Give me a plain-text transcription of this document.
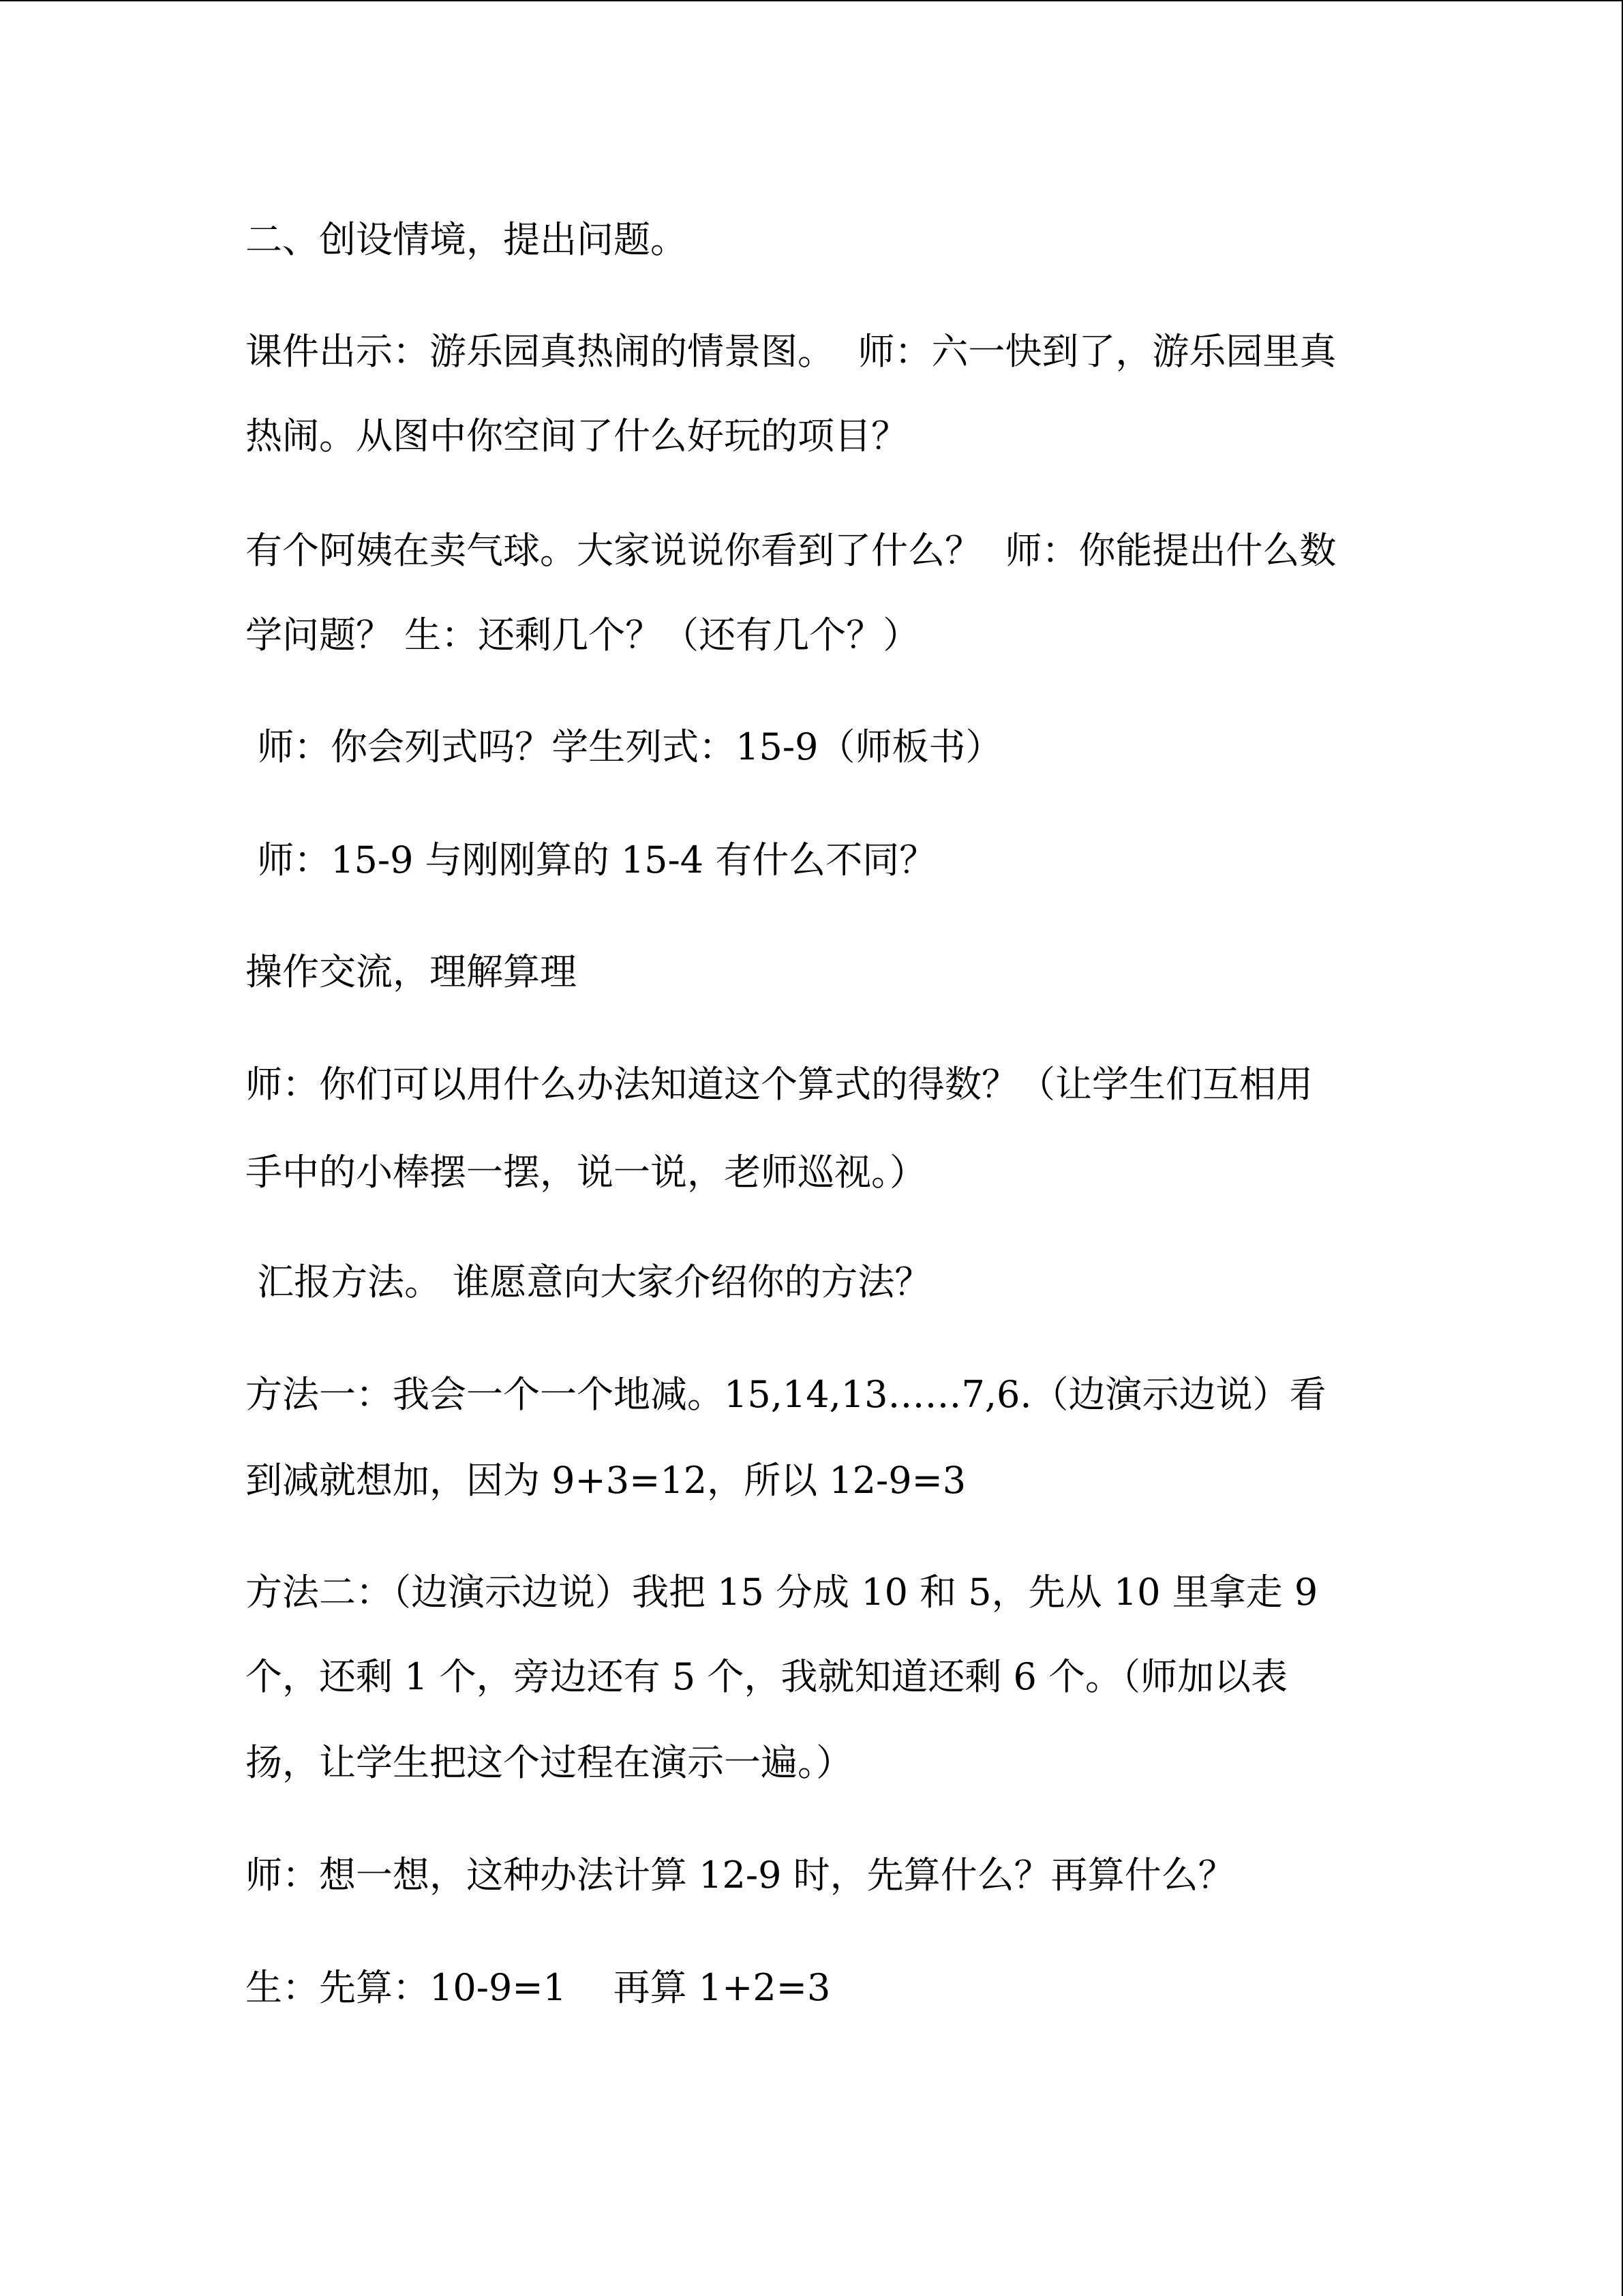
二、创设情境，提出问题。

课件出示：游乐园真热闹的情景图。  师：六一快到了，游乐园里真

热闹。从图中你空间了什么好玩的项目？

有个阿姨在卖气球。大家说说你看到了什么？  师：你能提出什么数

学问题？ 生：还剩几个？（还有几个？）

师：你会列式吗？学生列式：15-9（师板书）

师：15-9 与刚刚算的 15-4 有什么不同？

操作交流，理解算理

师：你们可以用什么办法知道这个算式的得数？（让学生们互相用

手中的小棒摆一摆，说一说，老师巡视。）

汇报方法。 谁愿意向大家介绍你的方法？

方法一：我会一个一个地减。15,14,13……7,6.（边演示边说）看

到减就想加，因为 9+3=12，所以 12-9=3

方法二：（边演示边说）我把 15 分成 10 和 5，先从 10 里拿走 9

个，还剩 1 个，旁边还有 5 个，我就知道还剩 6 个。（师加以表

扬，让学生把这个过程在演示一遍。）

师：想一想，这种办法计算 12-9 时，先算什么？再算什么？

生：先算：10-9=1    再算 1+2=3
